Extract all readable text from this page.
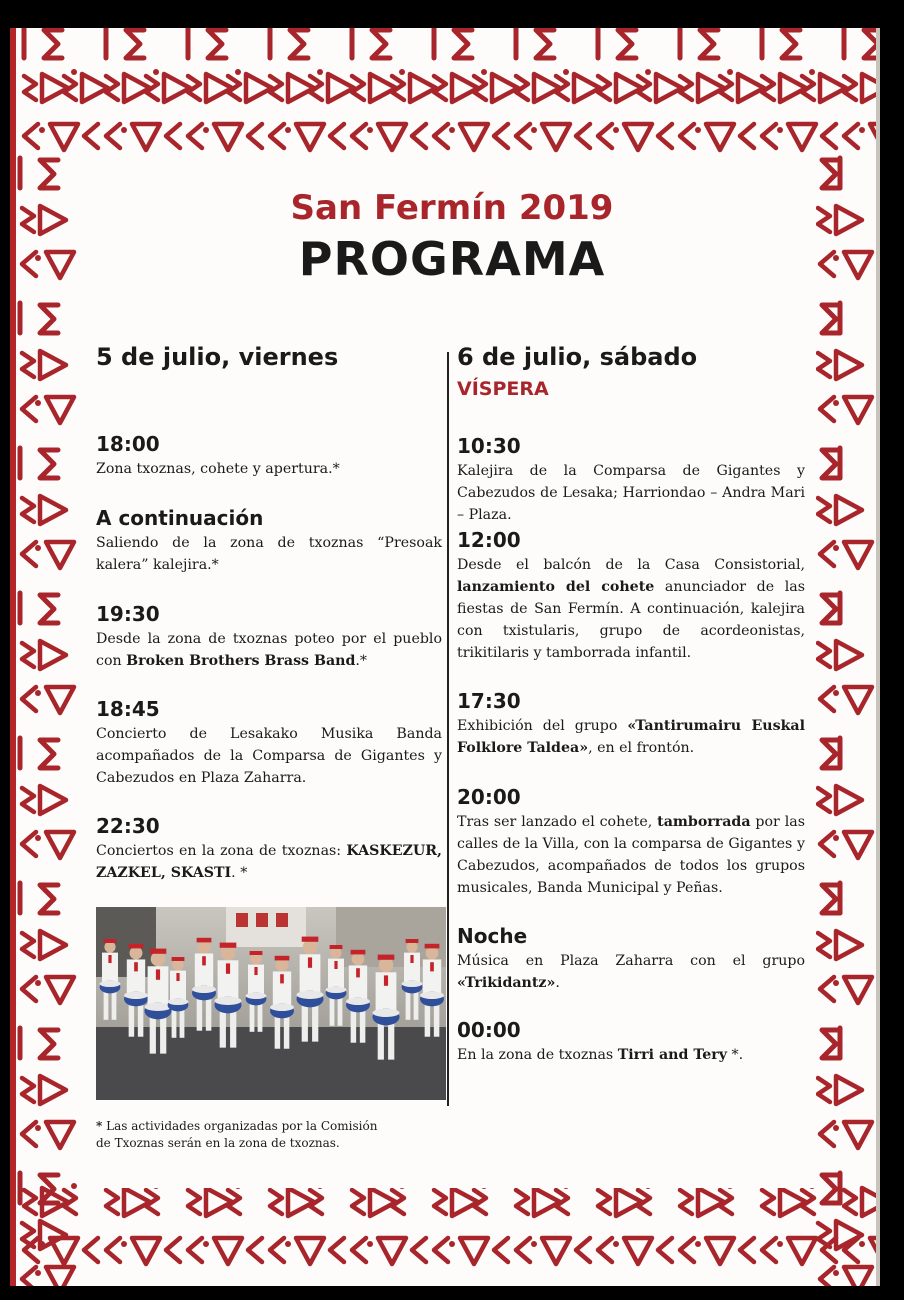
San Fermín 2019
PROGRAMA
5 de julio, viernes
18:00
Zona txoznas, cohete y apertura.*
A continuación
Saliendo de la zona de txoznas “Presoak kalera” kalejira.*
19:30
Desde la zona de txoznas poteo por el pueblo con Broken Brothers Brass Band.*
18:45
Concierto de Lesakako Musika Banda acompañados de la Comparsa de Gigantes y Cabezudos en Plaza Zaharra.
22:30
Conciertos en la zona de txoznas: KASKEZUR, ZAZKEL, SKASTI. *
6 de julio, sábado
VÍSPERA
10:30
Kalejira de la Comparsa de Gigantes y Cabezudos de Lesaka; Harriondao – Andra Mari – Plaza.
12:00
Desde el balcón de la Casa Consistorial, lanzamiento del cohete anunciador de las fiestas de San Fermín. A continuación, kalejira con txistularis, grupo de acordeonistas, trikitilaris y tamborrada infantil.
17:30
Exhibición del grupo «Tantirumairu Euskal Folklore Taldea», en el frontón.
20:00
Tras ser lanzado el cohete, tamborrada por las calles de la Villa, con la comparsa de Gigantes y Cabezudos, acompañados de todos los grupos musicales, Banda Municipal y Peñas.
Noche
Música en Plaza Zaharra con el grupo «Trikidantz».
00:00
En la zona de txoznas Tirri and Tery *.
* Las actividades organizadas por la Comisión de Txoznas serán en la zona de txoznas.
